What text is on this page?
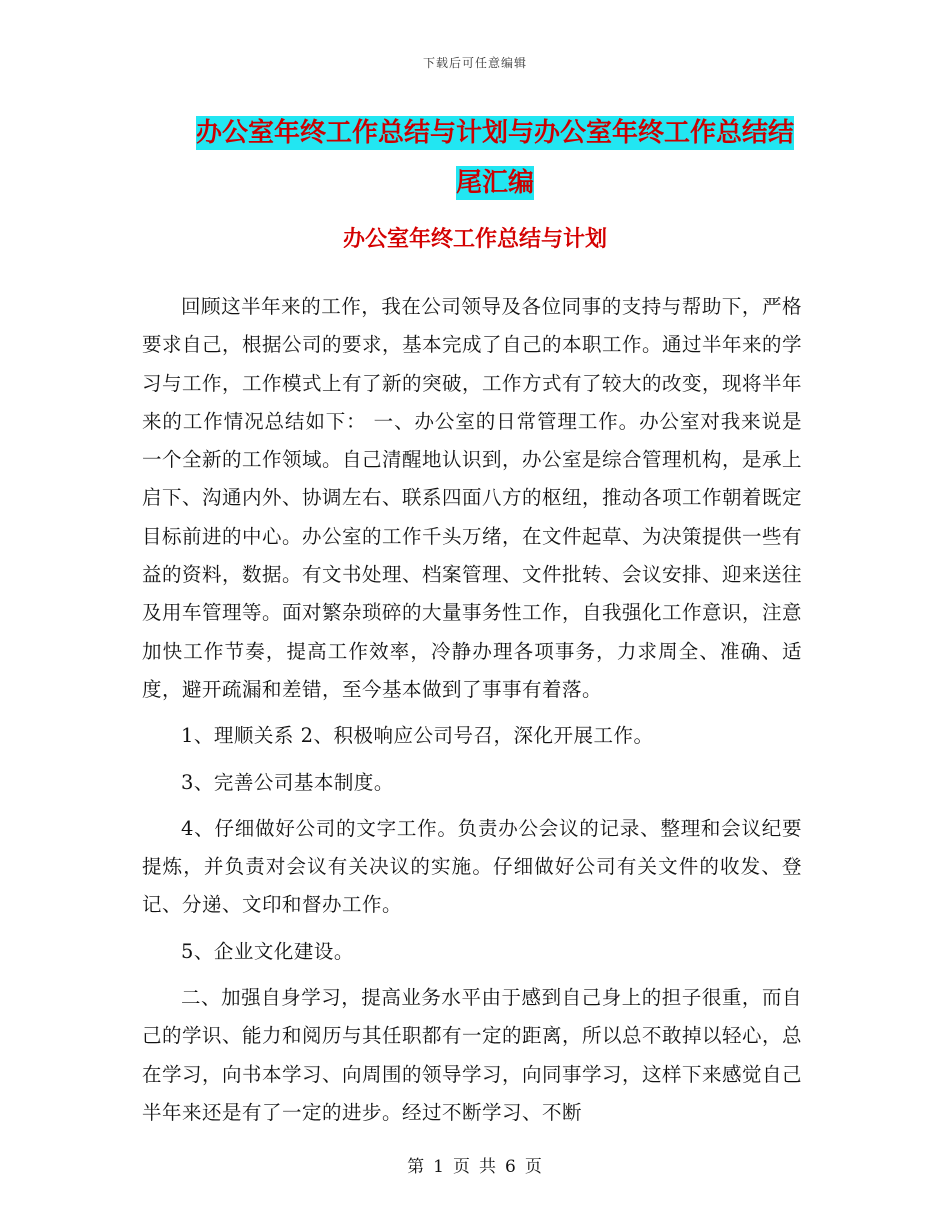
下载后可任意编辑
办公室年终工作总结与计划与办公室年终工作总结结
尾汇编
办公室年终工作总结与计划

回顾这半年来的工作，我在公司领导及各位同事的支持与帮助下，严格要求自己，根据公司的要求，基本完成了自己的本职工作。通过半年来的学习与工作，工作模式上有了新的突破，工作方式有了较大的改变，现将半年来的工作情况总结如下： 一、办公室的日常管理工作。办公室对我来说是一个全新的工作领域。自己清醒地认识到，办公室是综合管理机构，是承上启下、沟通内外、协调左右、联系四面八方的枢纽，推动各项工作朝着既定目标前进的中心。办公室的工作千头万绪，在文件起草、为决策提供一些有益的资料，数据。有文书处理、档案管理、文件批转、会议安排、迎来送往及用车管理等。面对繁杂琐碎的大量事务性工作，自我强化工作意识，注意加快工作节奏，提高工作效率，冷静办理各项事务，力求周全、准确、适度，避开疏漏和差错，至今基本做到了事事有着落。

1、理顺关系 2、积极响应公司号召，深化开展工作。

3、完善公司基本制度。

4、仔细做好公司的文字工作。负责办公会议的记录、整理和会议纪要提炼，并负责对会议有关决议的实施。仔细做好公司有关文件的收发、登记、分递、文印和督办工作。

5、企业文化建设。

二、加强自身学习，提高业务水平由于感到自己身上的担子很重，而自己的学识、能力和阅历与其任职都有一定的距离，所以总不敢掉以轻心，总在学习，向书本学习、向周围的领导学习，向同事学习，这样下来感觉自己半年来还是有了一定的进步。经过不断学习、不断

第 1 页 共 6 页
